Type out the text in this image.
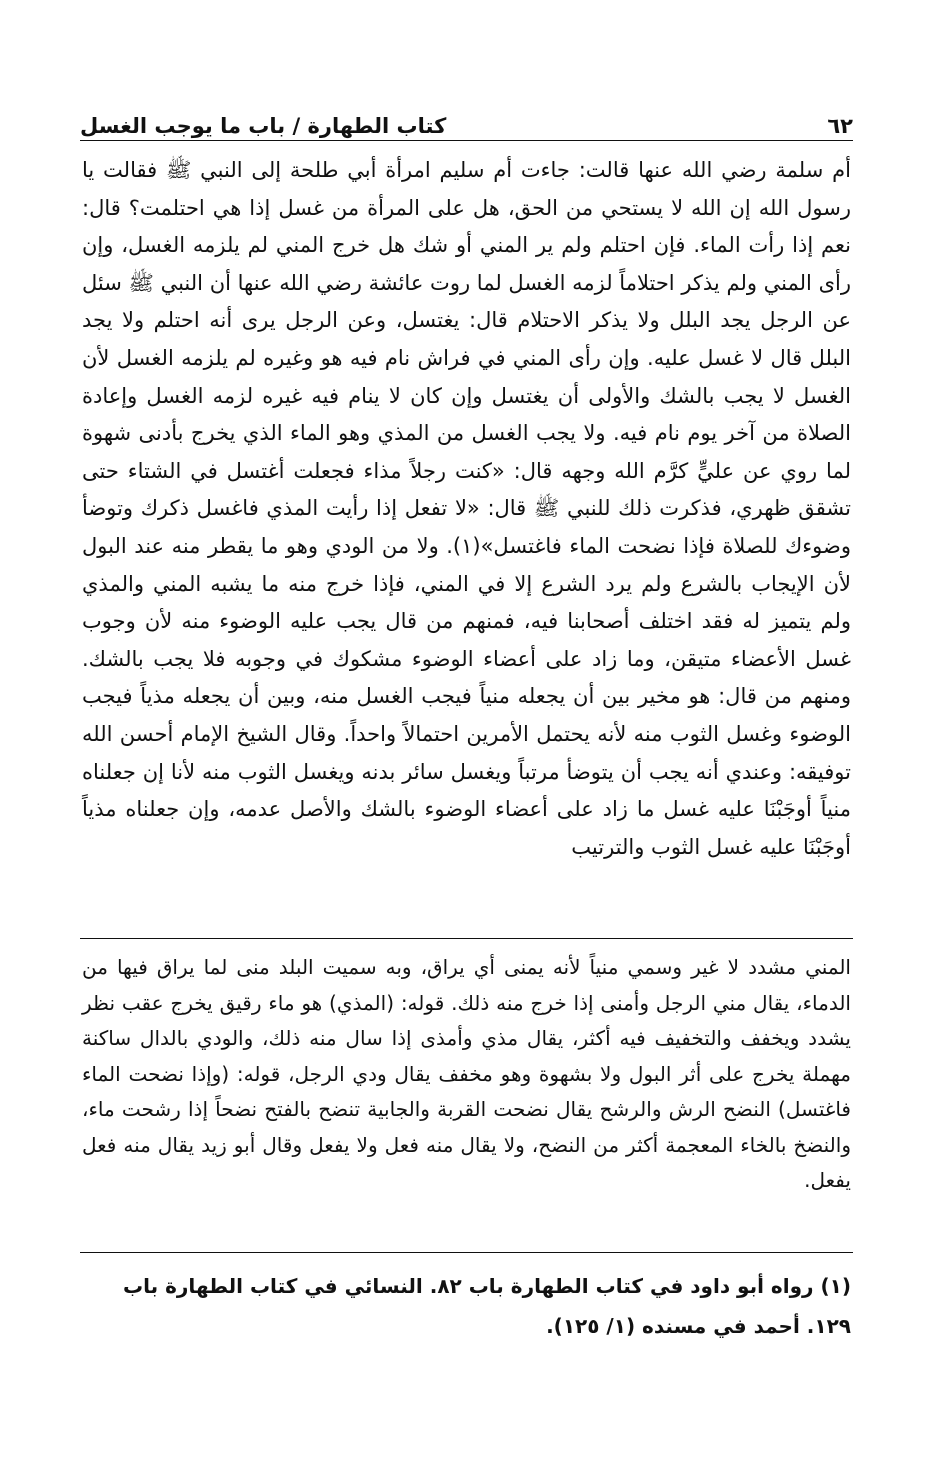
٦٢
كتاب الطهارة / باب ما يوجب الغسل
أم سلمة رضي الله عنها قالت: جاءت أم سليم امرأة أبي طلحة إلى النبي ﷺ فقالت يا رسول الله إن الله لا يستحي من الحق، هل على المرأة من غسل إذا هي احتلمت؟ قال: نعم إذا رأت الماء. فإن احتلم ولم ير المني أو شك هل خرج المني لم يلزمه الغسل، وإن رأى المني ولم يذكر احتلاماً لزمه الغسل لما روت عائشة رضي الله عنها أن النبي ﷺ سئل عن الرجل يجد البلل ولا يذكر الاحتلام قال: يغتسل، وعن الرجل يرى أنه احتلم ولا يجد البلل قال لا غسل عليه. وإن رأى المني في فراش نام فيه هو وغيره لم يلزمه الغسل لأن الغسل لا يجب بالشك والأولى أن يغتسل وإن كان لا ينام فيه غيره لزمه الغسل وإعادة الصلاة من آخر يوم نام فيه. ولا يجب الغسل من المذي وهو الماء الذي يخرج بأدنى شهوة لما روي عن عليٍّ كرَّم الله وجهه قال: «كنت رجلاً مذاء فجعلت أغتسل في الشتاء حتى تشقق ظهري، فذكرت ذلك للنبي ﷺ قال: «لا تفعل إذا رأيت المذي فاغسل ذكرك وتوضأ وضوءك للصلاة فإذا نضحت الماء فاغتسل»(١). ولا من الودي وهو ما يقطر منه عند البول لأن الإيجاب بالشرع ولم يرد الشرع إلا في المني، فإذا خرج منه ما يشبه المني والمذي ولم يتميز له فقد اختلف أصحابنا فيه، فمنهم من قال يجب عليه الوضوء منه لأن وجوب غسل الأعضاء متيقن، وما زاد على أعضاء الوضوء مشكوك في وجوبه فلا يجب بالشك. ومنهم من قال: هو مخير بين أن يجعله منياً فيجب الغسل منه، وبين أن يجعله مذياً فيجب الوضوء وغسل الثوب منه لأنه يحتمل الأمرين احتمالاً واحداً. وقال الشيخ الإمام أحسن الله توفيقه: وعندي أنه يجب أن يتوضأ مرتباً ويغسل سائر بدنه ويغسل الثوب منه لأنا إن جعلناه منياً أوجَبْنَا عليه غسل ما زاد على أعضاء الوضوء بالشك والأصل عدمه، وإن جعلناه مذياً أوجَبْنَا عليه غسل الثوب والترتيب
المني مشدد لا غير وسمي منياً لأنه يمنى أي يراق، وبه سميت البلد منى لما يراق فيها من الدماء، يقال مني الرجل وأمنى إذا خرج منه ذلك. قوله: (المذي) هو ماء رقيق يخرج عقب نظر يشدد ويخفف والتخفيف فيه أكثر، يقال مذي وأمذى إذا سال منه ذلك، والودي بالدال ساكنة مهملة يخرج على أثر البول ولا بشهوة وهو مخفف يقال ودي الرجل، قوله: (وإذا نضحت الماء فاغتسل) النضح الرش والرشح يقال نضحت القربة والجابية تنضح بالفتح نضحاً إذا رشحت ماء، والنضخ بالخاء المعجمة أكثر من النضح، ولا يقال منه فعل ولا يفعل وقال أبو زيد يقال منه فعل يفعل.
(١) رواه أبو داود في كتاب الطهارة باب ٨٢. النسائي في كتاب الطهارة باب ١٢٩. أحمد في مسنده (١/ ١٢٥).
